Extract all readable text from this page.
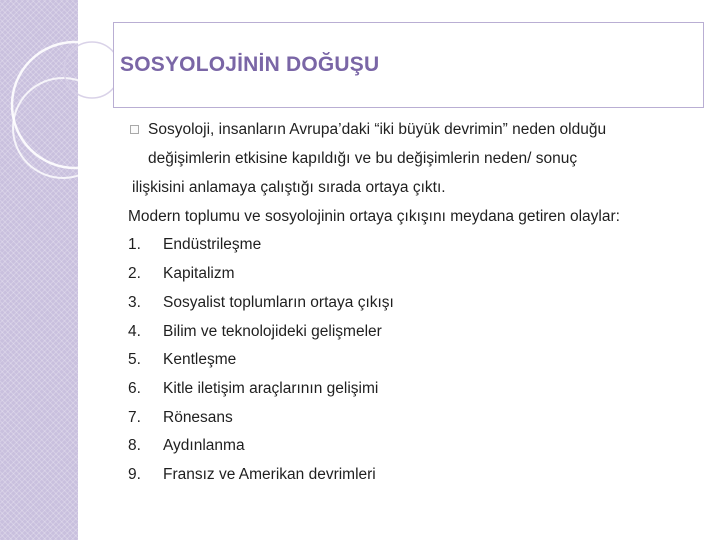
SOSYOLOJİNİN DOĞUŞU
Sosyoloji, insanların Avrupa’daki “iki büyük devrimin” neden olduğu
değişimlerin etkisine kapıldığı ve bu değişimlerin neden/ sonuç
ilişkisini anlamaya çalıştığı sırada ortaya çıktı.
Modern toplumu ve sosyolojinin ortaya çıkışını meydana getiren olaylar:
1. Endüstrileşme
2. Kapitalizm
3. Sosyalist toplumların ortaya çıkışı
4. Bilim ve teknolojideki gelişmeler
5. Kentleşme
6. Kitle iletişim araçlarının gelişimi
7. Rönesans
8. Aydınlanma
9. Fransız ve Amerikan devrimleri
